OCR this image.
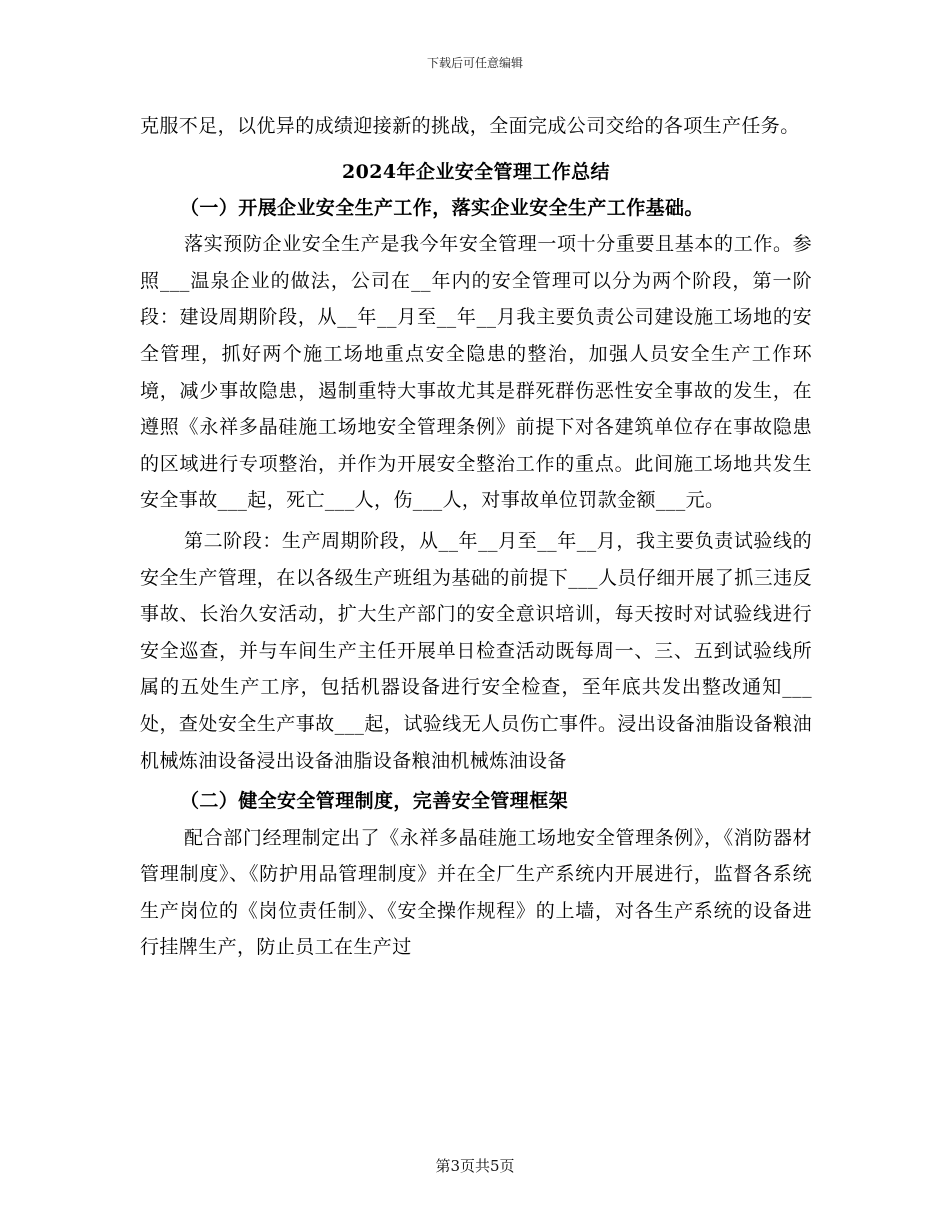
下载后可任意编辑

克服不足，以优异的成绩迎接新的挑战，全面完成公司交给的各项生产任务。

2024年企业安全管理工作总结

（一）开展企业安全生产工作，落实企业安全生产工作基础。

落实预防企业安全生产是我今年安全管理一项十分重要且基本的工作。参照___温泉企业的做法，公司在__年内的安全管理可以分为两个阶段，第一阶段：建设周期阶段，从__年__月至__年__月我主要负责公司建设施工场地的安全管理，抓好两个施工场地重点安全隐患的整治，加强人员安全生产工作环境，减少事故隐患，遏制重特大事故尤其是群死群伤恶性安全事故的发生，在遵照《永祥多晶硅施工场地安全管理条例》前提下对各建筑单位存在事故隐患的区域进行专项整治，并作为开展安全整治工作的重点。此间施工场地共发生安全事故___起，死亡___人，伤___人，对事故单位罚款金额___元。

第二阶段：生产周期阶段，从__年__月至__年__月，我主要负责试验线的安全生产管理，在以各级生产班组为基础的前提下___人员仔细开展了抓三违反事故、长治久安活动，扩大生产部门的安全意识培训，每天按时对试验线进行安全巡查，并与车间生产主任开展单日检查活动既每周一、三、五到试验线所属的五处生产工序，包括机器设备进行安全检查，至年底共发出整改通知___处，查处安全生产事故___起，试验线无人员伤亡事件。浸出设备油脂设备粮油机械炼油设备浸出设备油脂设备粮油机械炼油设备

（二）健全安全管理制度，完善安全管理框架

配合部门经理制定出了《永祥多晶硅施工场地安全管理条例》，《消防器材管理制度》、《防护用品管理制度》并在全厂生产系统内开展进行，监督各系统生产岗位的《岗位责任制》、《安全操作规程》的上墙，对各生产系统的设备进行挂牌生产，防止员工在生产过

第3页共5页
